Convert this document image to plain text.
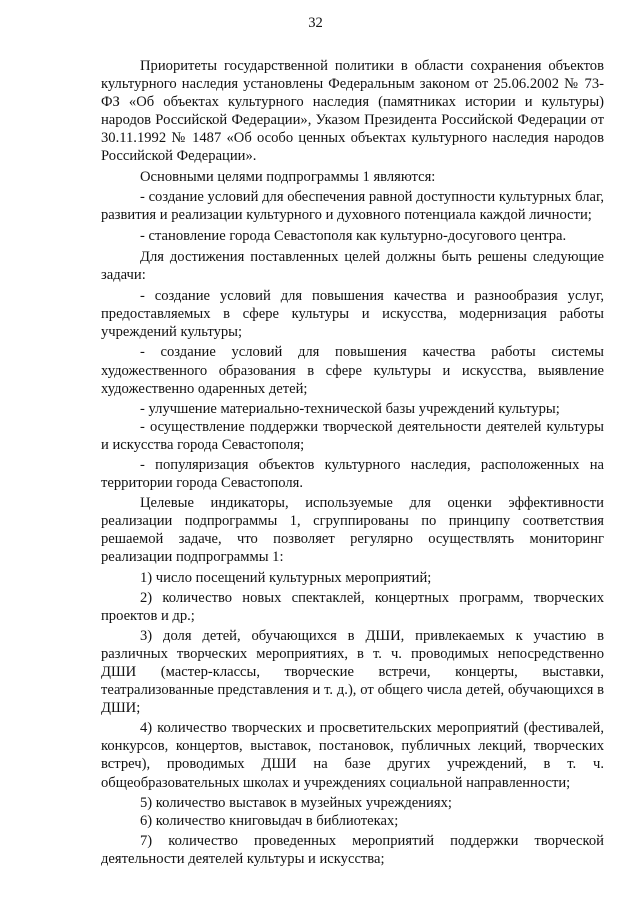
32

Приоритеты государственной политики в области сохранения объектов культурного наследия установлены Федеральным законом от 25.06.2002 № 73-ФЗ «Об объектах культурного наследия (памятниках истории и культуры) народов Российской Федерации», Указом Президента Российской Федерации от 30.11.1992 № 1487 «Об особо ценных объектах культурного наследия народов Российской Федерации».

Основными целями подпрограммы 1 являются:

- создание условий для обеспечения равной доступности культурных благ, развития и реализации культурного и духовного потенциала каждой личности;

- становление города Севастополя как культурно-досугового центра.

Для достижения поставленных целей должны быть решены следующие задачи:

- создание условий для повышения качества и разнообразия услуг, предоставляемых в сфере культуры и искусства, модернизация работы учреждений культуры;

- создание условий для повышения качества работы системы художественного образования в сфере культуры и искусства, выявление художественно одаренных детей;

- улучшение материально-технической базы учреждений культуры;

- осуществление поддержки творческой деятельности деятелей культуры и искусства города Севастополя;

- популяризация объектов культурного наследия, расположенных на территории города Севастополя.

Целевые индикаторы, используемые для оценки эффективности реализации подпрограммы 1, сгруппированы по принципу соответствия решаемой задаче, что позволяет регулярно осуществлять мониторинг реализации подпрограммы 1:

1) число посещений культурных мероприятий;

2) количество новых спектаклей, концертных программ, творческих проектов и др.;

3) доля детей, обучающихся в ДШИ, привлекаемых к участию в различных творческих мероприятиях, в т. ч. проводимых непосредственно ДШИ (мастер-классы, творческие встречи, концерты, выставки, театрализованные представления и т. д.), от общего числа детей, обучающихся в ДШИ;

4) количество творческих и просветительских мероприятий (фестивалей, конкурсов, концертов, выставок, постановок, публичных лекций, творческих встреч), проводимых ДШИ на базе других учреждений, в т. ч. общеобразовательных школах и учреждениях социальной направленности;

5) количество выставок в музейных учреждениях;

6) количество книговыдач в библиотеках;

7) количество проведенных мероприятий поддержки творческой деятельности деятелей культуры и искусства;
